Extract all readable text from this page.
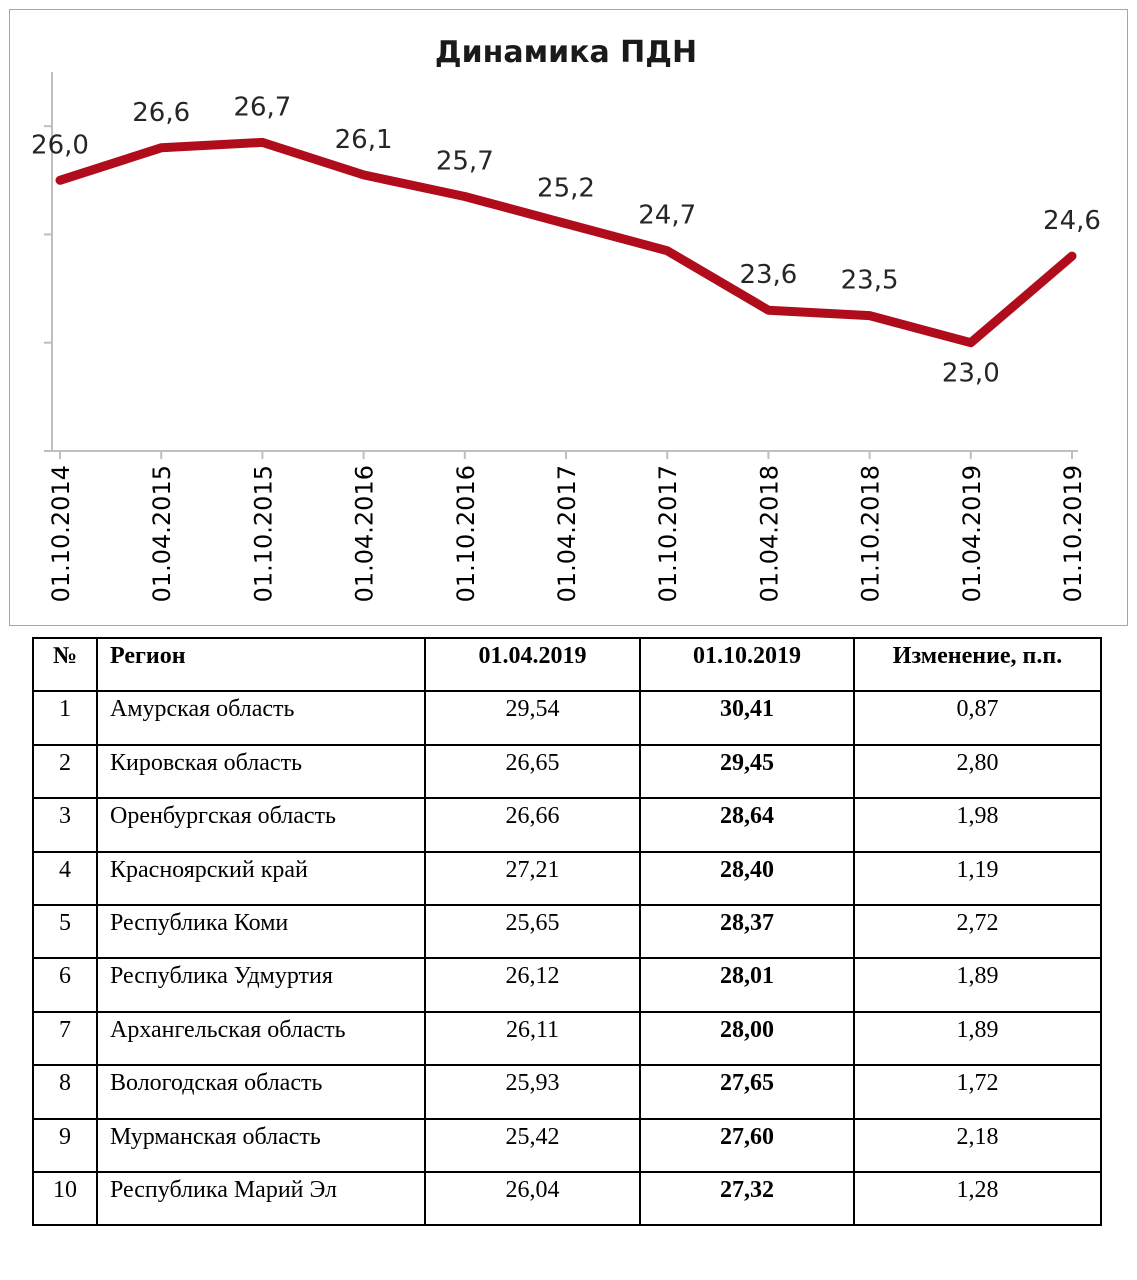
Динамика ПДН
26,0
26,6 26,7
26,1
25,7
25,2
24,7
23,6 23,5
23,0
24,6
01.10.2014	01.04.2015	01.10.2015	01.04.2016	01.10.2016	01.04.2017	01.10.2017	01.04.2018	01.10.2018	01.04.2019	01.10.2019
№	Регион	01.04.2019	01.10.2019	Изменение, п.п.
1	Амурская область	29,54	30,41	0,87
2	Кировская область	26,65	29,45	2,80
3	Оренбургская область	26,66	28,64	1,98
4	Красноярский край	27,21	28,40	1,19
5	Республика Коми	25,65	28,37	2,72
6	Республика Удмуртия	26,12	28,01	1,89
7	Архангельская область	26,11	28,00	1,89
8	Вологодская область	25,93	27,65	1,72
9	Мурманская область	25,42	27,60	2,18
10	Республика Марий Эл	26,04	27,32	1,28
